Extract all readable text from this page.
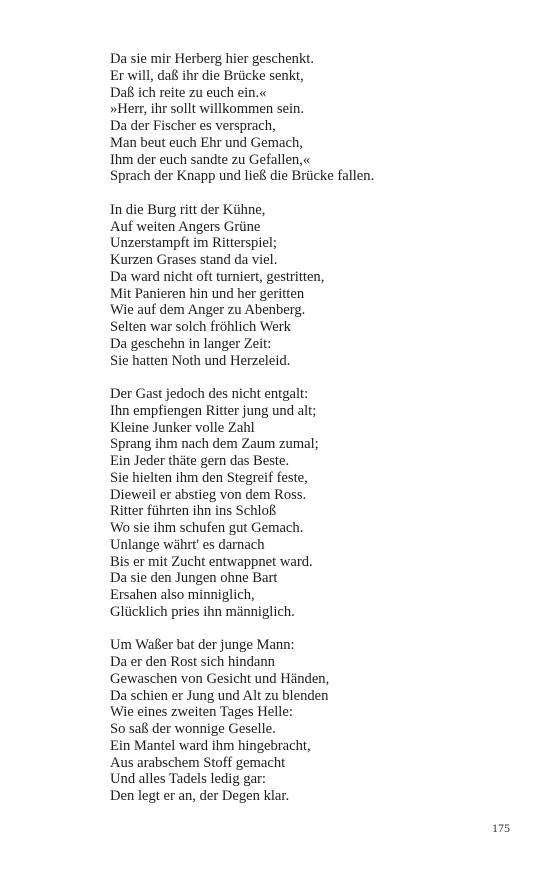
Da sie mir Herberg hier geschenkt.
Er will, daß ihr die Brücke senkt,
Daß ich reite zu euch ein.«
»Herr, ihr sollt willkommen sein.
Da der Fischer es versprach,
Man beut euch Ehr und Gemach,
Ihm der euch sandte zu Gefallen,«
Sprach der Knapp und ließ die Brücke fallen.

In die Burg ritt der Kühne,
Auf weiten Angers Grüne
Unzerstampft im Ritterspiel;
Kurzen Grases stand da viel.
Da ward nicht oft turniert, gestritten,
Mit Panieren hin und her geritten
Wie auf dem Anger zu Abenberg.
Selten war solch fröhlich Werk
Da geschehn in langer Zeit:
Sie hatten Noth und Herzeleid.

Der Gast jedoch des nicht entgalt:
Ihn empfiengen Ritter jung und alt;
Kleine Junker volle Zahl
Sprang ihm nach dem Zaum zumal;
Ein Jeder thäte gern das Beste.
Sie hielten ihm den Stegreif feste,
Dieweil er abstieg von dem Ross.
Ritter führten ihn ins Schloß
Wo sie ihm schufen gut Gemach.
Unlange währt' es darnach
Bis er mit Zucht entwappnet ward.
Da sie den Jungen ohne Bart
Ersahen also minniglich,
Glücklich pries ihn männiglich.

Um Waßer bat der junge Mann:
Da er den Rost sich hindann
Gewaschen von Gesicht und Händen,
Da schien er Jung und Alt zu blenden
Wie eines zweiten Tages Helle:
So saß der wonnige Geselle.
Ein Mantel ward ihm hingebracht,
Aus arabschem Stoff gemacht
Und alles Tadels ledig gar:
Den legt er an, der Degen klar.

175
